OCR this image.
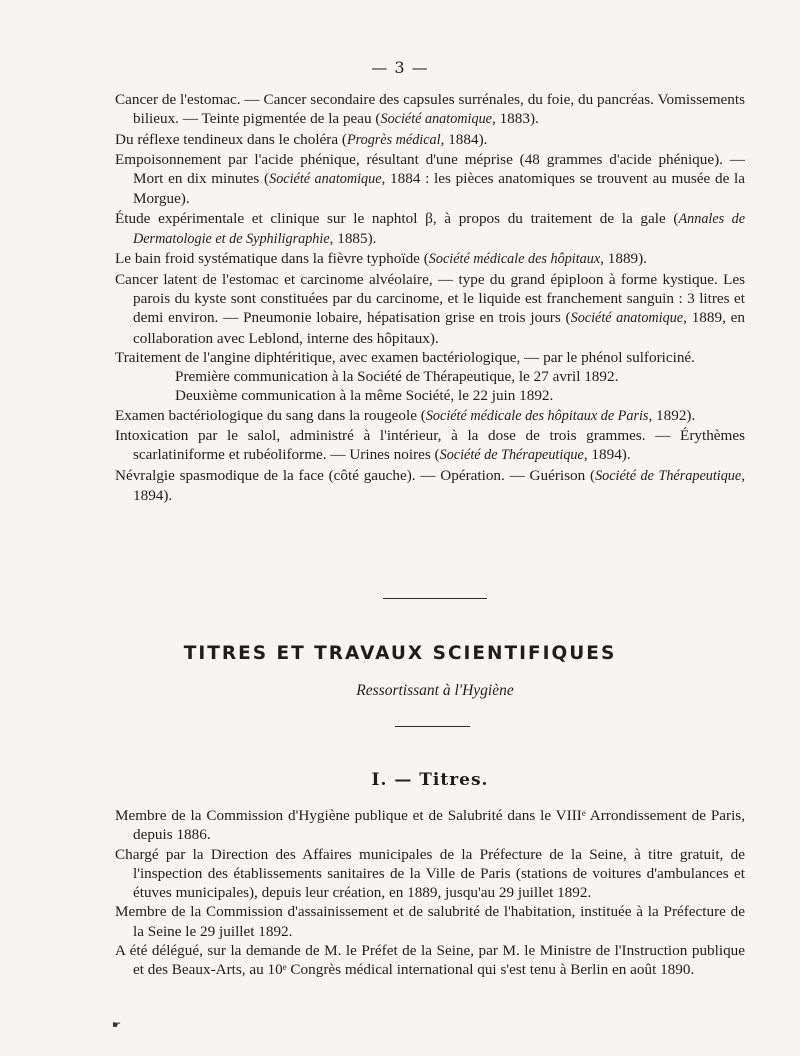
— 3 —

Cancer de l'estomac. — Cancer secondaire des capsules surrénales, du foie, du pancréas. Vomissements bilieux. — Teinte pigmentée de la peau (Société anatomique, 1883).

Du réflexe tendineux dans le choléra (Progrès médical, 1884).

Empoisonnement par l'acide phénique, résultant d'une méprise (48 grammes d'acide phénique). — Mort en dix minutes (Société anatomique, 1884 : les pièces anatomiques se trouvent au musée de la Morgue).

Étude expérimentale et clinique sur le naphtol β, à propos du traitement de la gale (Annales de Dermatologie et de Syphiligraphie, 1885).

Le bain froid systématique dans la fièvre typhoïde (Société médicale des hôpitaux, 1889).

Cancer latent de l'estomac et carcinome alvéolaire, — type du grand épiploon à forme kystique. Les parois du kyste sont constituées par du carcinome, et le liquide est franchement sanguin : 3 litres et demi environ. — Pneumonie lobaire, hépatisation grise en trois jours (Société anatomique, 1889, en collaboration avec Leblond, interne des hôpitaux).

Traitement de l'angine diphtéritique, avec examen bactériologique, — par le phénol sulforiciné.

Première communication à la Société de Thérapeutique, le 27 avril 1892.

Deuxième communication à la même Société, le 22 juin 1892.

Examen bactériologique du sang dans la rougeole (Société médicale des hôpitaux de Paris, 1892).

Intoxication par le salol, administré à l'intérieur, à la dose de trois grammes. — Érythèmes scarlatiniforme et rubéoliforme. — Urines noires (Société de Thérapeutique, 1894).

Névralgie spasmodique de la face (côté gauche). — Opération. — Guérison (Société de Thérapeutique, 1894).

TITRES ET TRAVAUX SCIENTIFIQUES
Ressortissant à l'Hygiène
I. — Titres.

Membre de la Commission d'Hygiène publique et de Salubrité dans le VIIIᵉ Arrondissement de Paris, depuis 1886.

Chargé par la Direction des Affaires municipales de la Préfecture de la Seine, à titre gratuit, de l'inspection des établissements sanitaires de la Ville de Paris (stations de voitures d'ambulances et étuves municipales), depuis leur création, en 1889, jusqu'au 29 juillet 1892.

Membre de la Commission d'assainissement et de salubrité de l'habitation, instituée à la Préfecture de la Seine le 29 juillet 1892.

A été délégué, sur la demande de M. le Préfet de la Seine, par M. le Ministre de l'Instruction publique et des Beaux-Arts, au 10ᵉ Congrès médical international qui s'est tenu à Berlin en août 1890.

☛
